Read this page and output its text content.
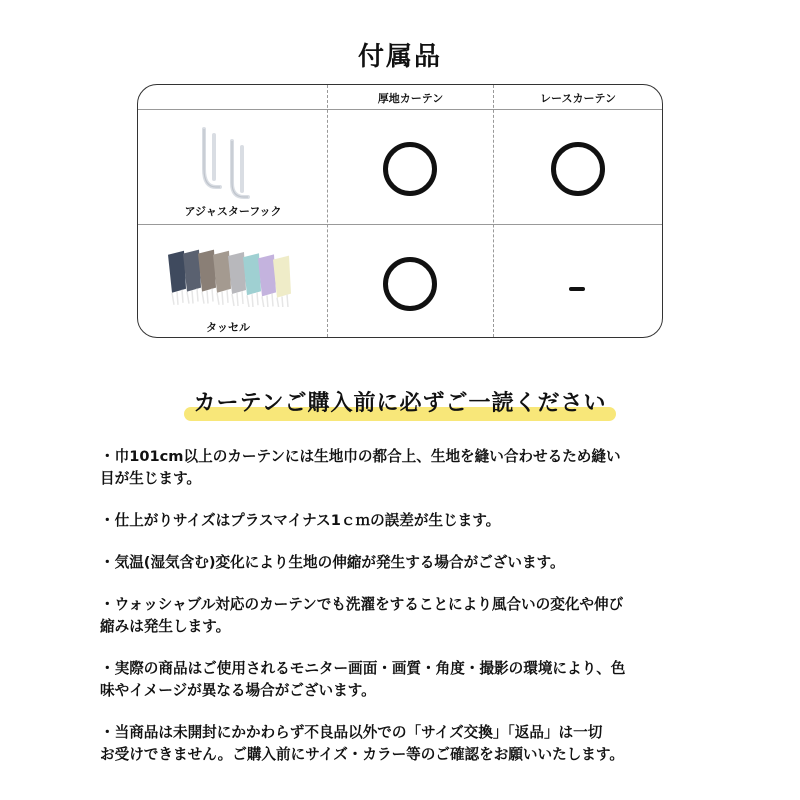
付属品
厚地カーテン	レースカーテン
アジャスターフック
タッセル
カーテンご購入前に必ずご一読ください

・巾101cm以上のカーテンには生地巾の都合上、生地を縫い合わせるため縫い

目が生じます。

・仕上がりサイズはプラスマイナス1ｃｍの誤差が生じます。

・気温(湿気含む)変化により生地の伸縮が発生する場合がございます。

・ウォッシャブル対応のカーテンでも洗濯をすることにより風合いの変化や伸び

縮みは発生します。

・実際の商品はご使用されるモニター画面・画質・角度・撮影の環境により、色

味やイメージが異なる場合がございます。

・当商品は未開封にかかわらず不良品以外での「サイズ交換」「返品」は一切

お受けできません。ご購入前にサイズ・カラー等のご確認をお願いいたします。
